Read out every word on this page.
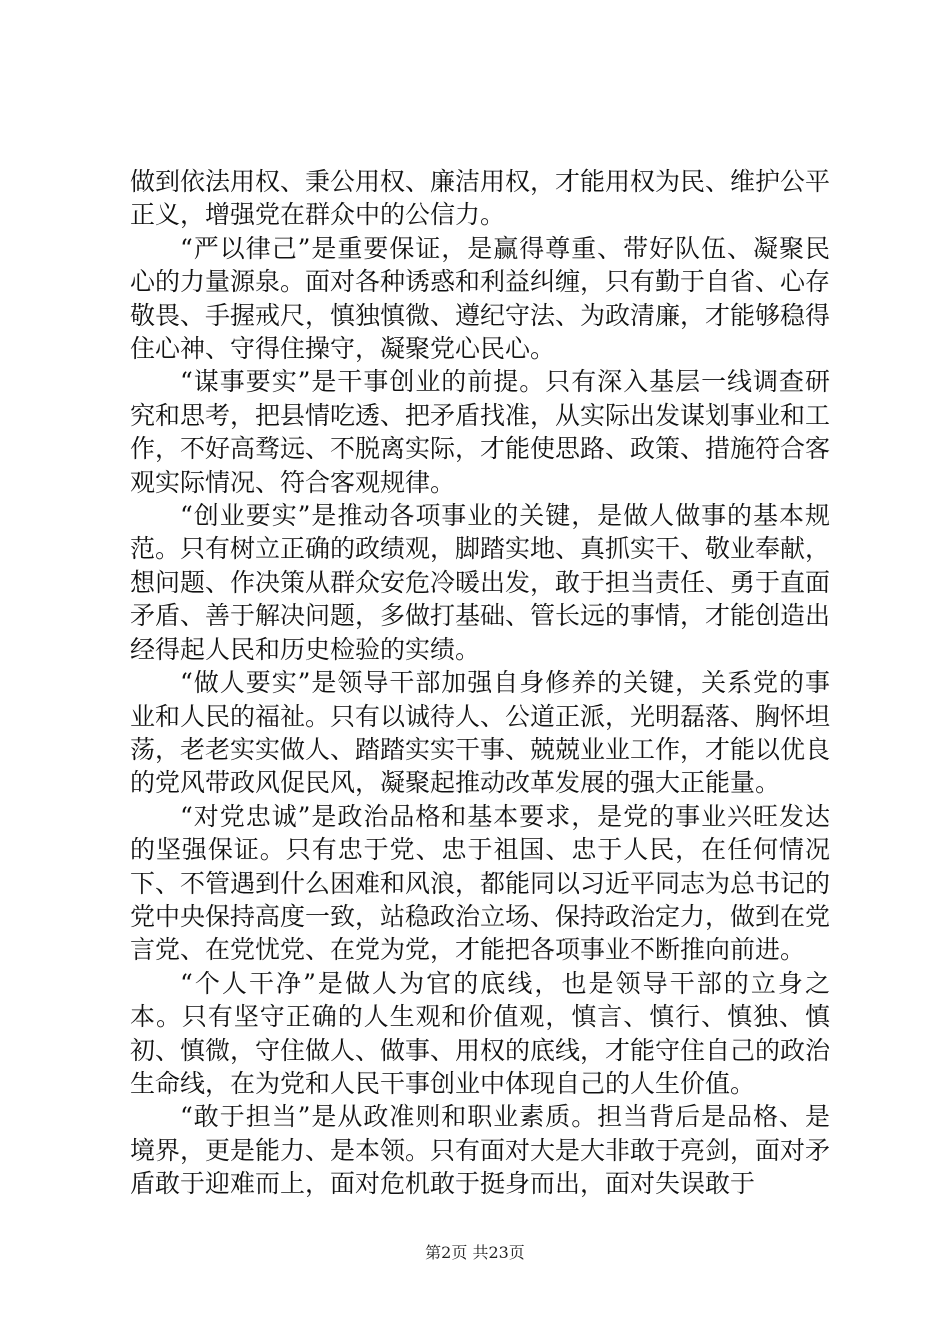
做到依法用权、秉公用权、廉洁用权，才能用权为民、维护公平正义，增强党在群众中的公信力。

“严以律己”是重要保证，是赢得尊重、带好队伍、凝聚民心的力量源泉。面对各种诱惑和利益纠缠，只有勤于自省、心存敬畏、手握戒尺，慎独慎微、遵纪守法、为政清廉，才能够稳得住心神、守得住操守，凝聚党心民心。

“谋事要实”是干事创业的前提。只有深入基层一线调查研究和思考，把县情吃透、把矛盾找准，从实际出发谋划事业和工作，不好高骛远、不脱离实际，才能使思路、政策、措施符合客观实际情况、符合客观规律。

“创业要实”是推动各项事业的关键，是做人做事的基本规范。只有树立正确的政绩观，脚踏实地、真抓实干、敬业奉献，想问题、作决策从群众安危冷暖出发，敢于担当责任、勇于直面矛盾、善于解决问题，多做打基础、管长远的事情，才能创造出经得起人民和历史检验的实绩。

“做人要实”是领导干部加强自身修养的关键，关系党的事业和人民的福祉。只有以诚待人、公道正派，光明磊落、胸怀坦荡，老老实实做人、踏踏实实干事、兢兢业业工作，才能以优良的党风带政风促民风，凝聚起推动改革发展的强大正能量。

“对党忠诚”是政治品格和基本要求，是党的事业兴旺发达的坚强保证。只有忠于党、忠于祖国、忠于人民，在任何情况下、不管遇到什么困难和风浪，都能同以习近平同志为总书记的党中央保持高度一致，站稳政治立场、保持政治定力，做到在党言党、在党忧党、在党为党，才能把各项事业不断推向前进。

“个人干净”是做人为官的底线，也是领导干部的立身之本。只有坚守正确的人生观和价值观，慎言、慎行、慎独、慎初、慎微，守住做人、做事、用权的底线，才能守住自己的政治生命线，在为党和人民干事创业中体现自己的人生价值。

“敢于担当”是从政准则和职业素质。担当背后是品格、是境界，更是能力、是本领。只有面对大是大非敢于亮剑，面对矛盾敢于迎难而上，面对危机敢于挺身而出，面对失误敢于

第2页 共23页
